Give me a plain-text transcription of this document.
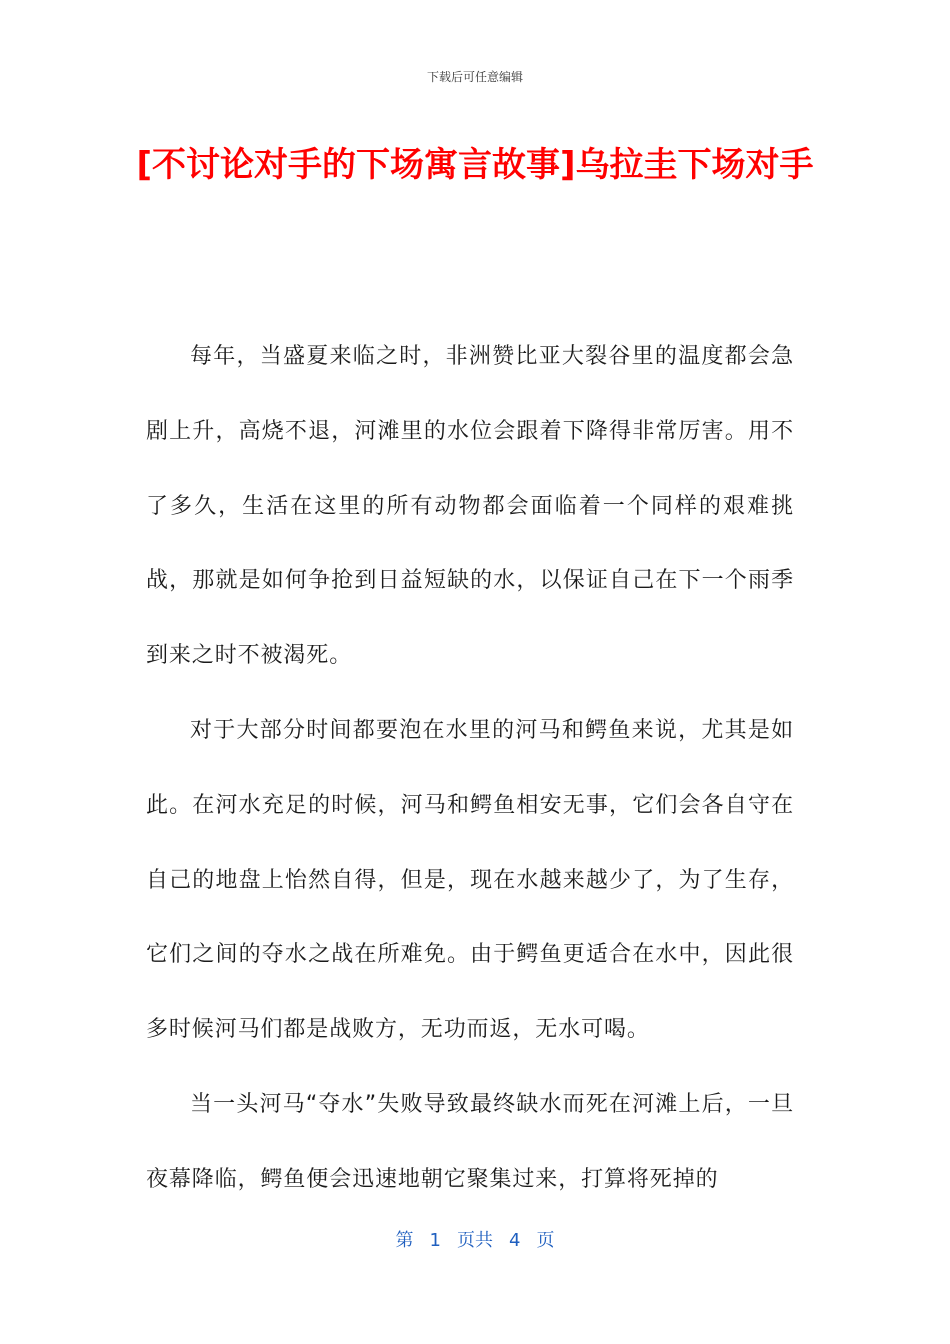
下载后可任意编辑
[不讨论对手的下场寓言故事]乌拉圭下场对手

每年，当盛夏来临之时，非洲赞比亚大裂谷里的温度都会急剧上升，高烧不退，河滩里的水位会跟着下降得非常厉害。用不了多久，生活在这里的所有动物都会面临着一个同样的艰难挑战，那就是如何争抢到日益短缺的水，以保证自己在下一个雨季到来之时不被渴死。

对于大部分时间都要泡在水里的河马和鳄鱼来说，尤其是如此。在河水充足的时候，河马和鳄鱼相安无事，它们会各自守在自己的地盘上怡然自得，但是，现在水越来越少了，为了生存，它们之间的夺水之战在所难免。由于鳄鱼更适合在水中，因此很多时候河马们都是战败方，无功而返，无水可喝。

当一头河马“夺水”失败导致最终缺水而死在河滩上后，一旦夜幕降临，鳄鱼便会迅速地朝它聚集过来，打算将死掉的

第 1 页共 4 页
